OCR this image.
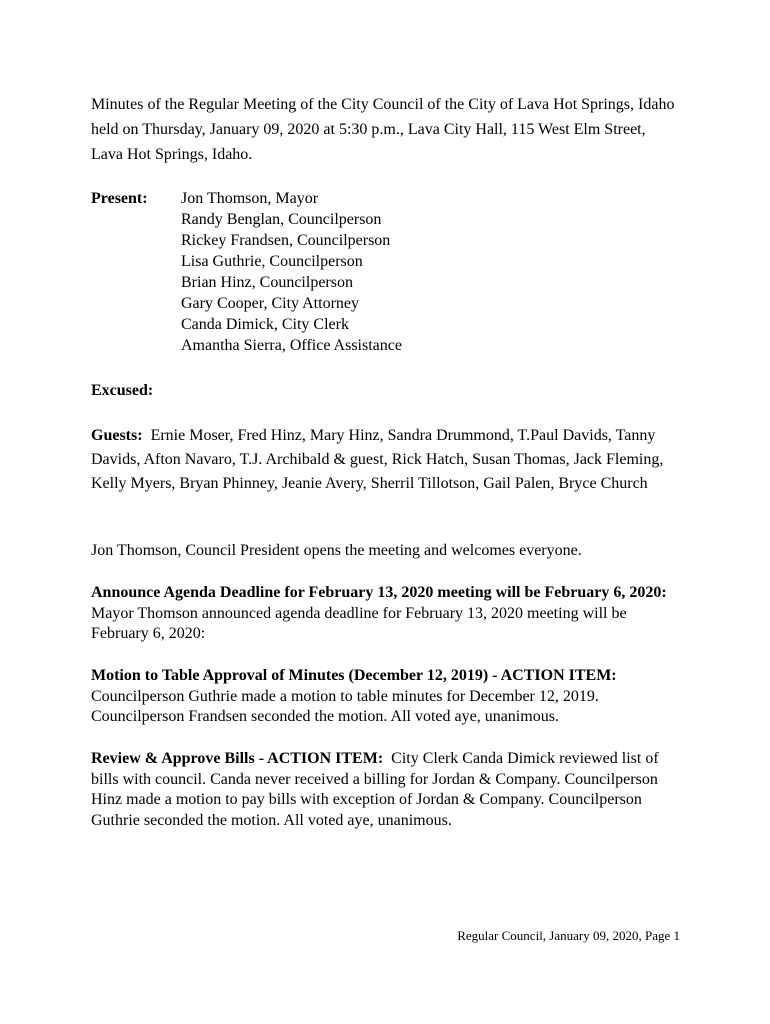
Minutes of the Regular Meeting of the City Council of the City of Lava Hot Springs, Idaho held on Thursday, January 09, 2020 at 5:30 p.m., Lava City Hall, 115 West Elm Street, Lava Hot Springs, Idaho.

Present: Jon Thomson, Mayor
Randy Benglan, Councilperson
Rickey Frandsen, Councilperson
Lisa Guthrie, Councilperson
Brian Hinz, Councilperson
Gary Cooper, City Attorney
Canda Dimick, City Clerk
Amantha Sierra, Office Assistance
Excused:

Guests: Ernie Moser, Fred Hinz, Mary Hinz, Sandra Drummond, T.Paul Davids, Tanny Davids, Afton Navaro, T.J. Archibald & guest, Rick Hatch, Susan Thomas, Jack Fleming, Kelly Myers, Bryan Phinney, Jeanie Avery, Sherril Tillotson, Gail Palen, Bryce Church

Jon Thomson, Council President opens the meeting and welcomes everyone.

Announce Agenda Deadline for February 13, 2020 meeting will be February 6, 2020:  Mayor Thomson announced agenda deadline for February 13, 2020 meeting will be February 6, 2020:

Motion to Table Approval of Minutes (December 12, 2019) - ACTION ITEM: Councilperson Guthrie made a motion to table minutes for December 12, 2019. Councilperson Frandsen seconded the motion. All voted aye, unanimous.

Review & Approve Bills - ACTION ITEM: City Clerk Canda Dimick reviewed list of bills with council. Canda never received a billing for Jordan & Company. Councilperson Hinz made a motion to pay bills with exception of Jordan & Company. Councilperson Guthrie seconded the motion. All voted aye, unanimous.

Regular Council, January 09, 2020, Page 1
